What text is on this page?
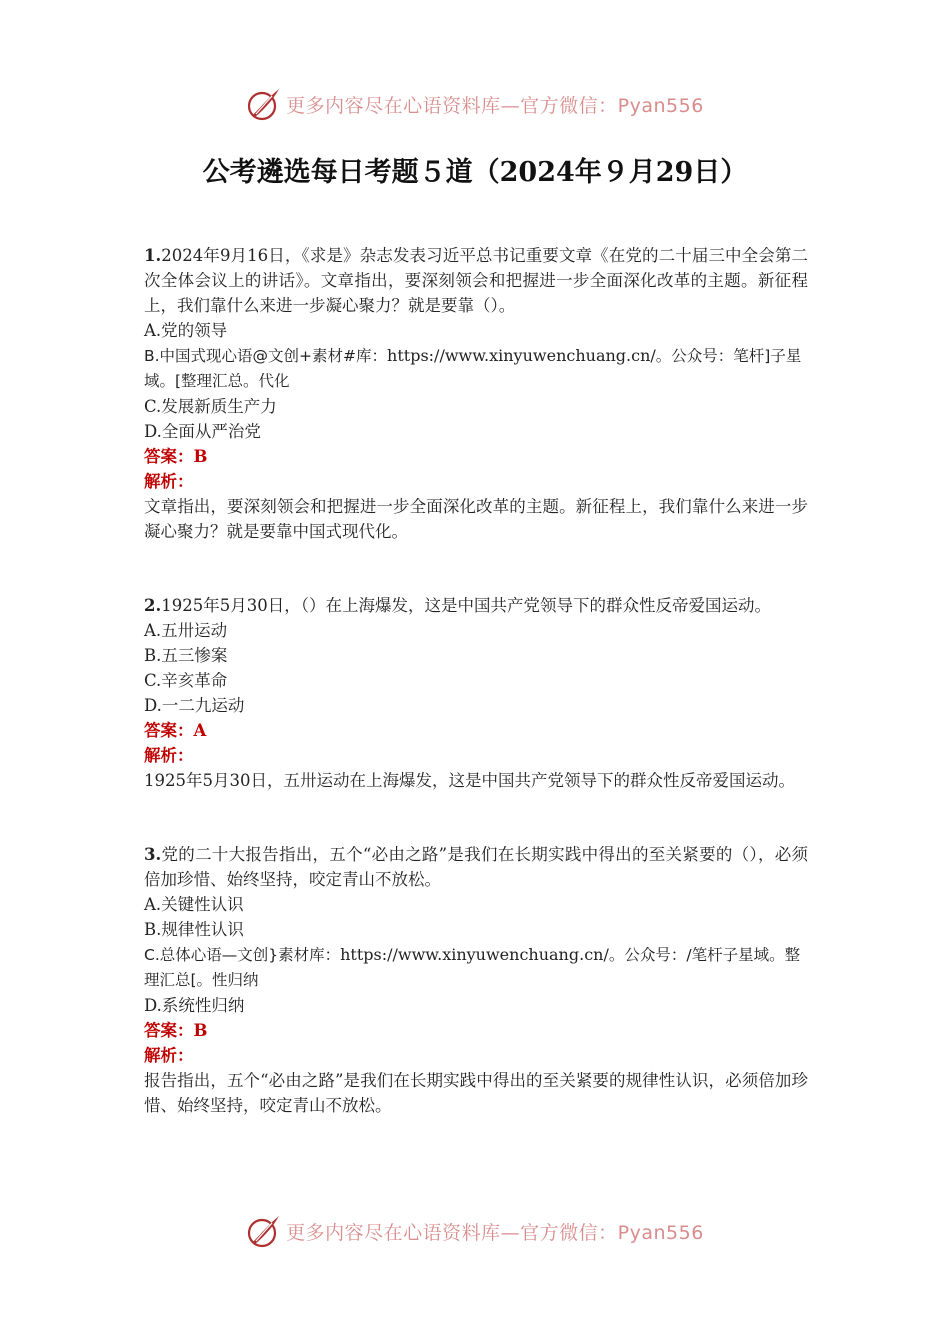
更多内容尽在心语资料库—官方微信：Pyan556
公考遴选每日考题５道（2024年９月29日）
1.2024年9月16日，《求是》杂志发表习近平总书记重要文章《在党的二十届三中全会第二次全体会议上的讲话》。文章指出，要深刻领会和把握进一步全面深化改革的主题。新征程上，我们靠什么来进一步凝心聚力？就是要靠（）。
A.党的领导
B.中国式现心语@文创+素材#库：https://www.xinyuwenchuang.cn/。公众号：笔杆]子星域。[整理汇总。代化
C.发展新质生产力
D.全面从严治党
答案：B
解析：
文章指出，要深刻领会和把握进一步全面深化改革的主题。新征程上，我们靠什么来进一步凝心聚力？就是要靠中国式现代化。
2.1925年5月30日，（）在上海爆发，这是中国共产党领导下的群众性反帝爱国运动。
A.五卅运动
B.五三惨案
C.辛亥革命
D.一二九运动
答案：A
解析：
1925年5月30日，五卅运动在上海爆发，这是中国共产党领导下的群众性反帝爱国运动。
3.党的二十大报告指出，五个“必由之路”是我们在长期实践中得出的至关紧要的（），必须倍加珍惜、始终坚持，咬定青山不放松。
A.关键性认识
B.规律性认识
C.总体心语—文创}素材库：https://www.xinyuwenchuang.cn/。公众号：/笔杆子星域。整理汇总[。性归纳
D.系统性归纳
答案：B
解析：
报告指出，五个“必由之路”是我们在长期实践中得出的至关紧要的规律性认识，必须倍加珍惜、始终坚持，咬定青山不放松。
更多内容尽在心语资料库—官方微信：Pyan556
